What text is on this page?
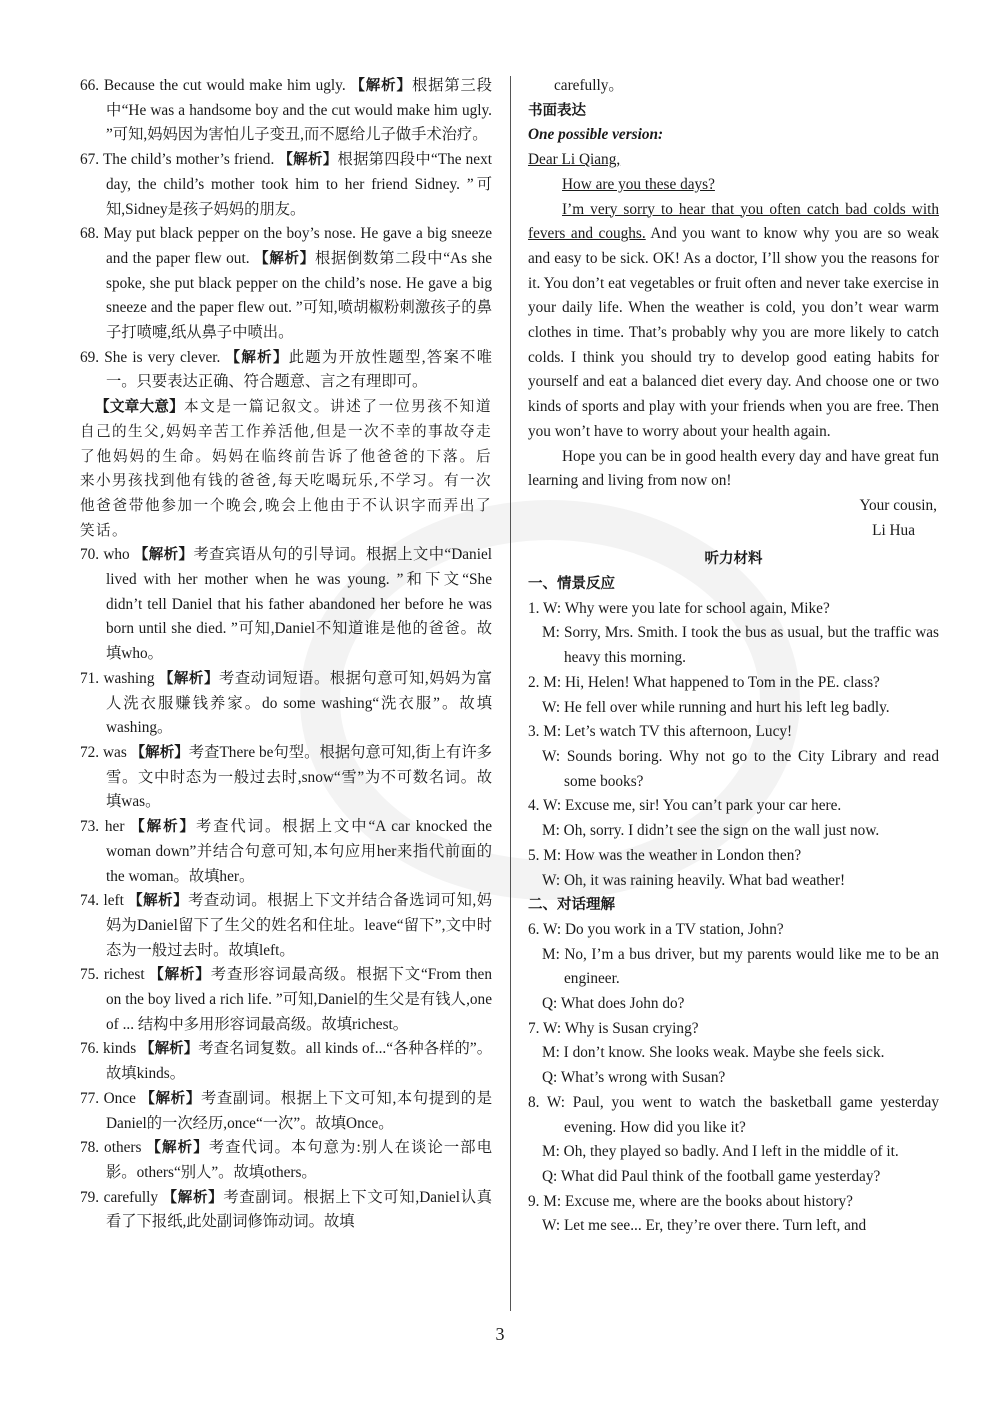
66. Because the cut would make him ugly. 【解析】根据第三段中“He was a handsome boy and the cut would make him ugly. ”可知,妈妈因为害怕儿子变丑,而不愿给儿子做手术治疗。

67. The child’s mother’s friend. 【解析】根据第四段中“The next day, the child’s mother took him to her friend Sidney. ”可知,Sidney是孩子妈妈的朋友。

68. May put black pepper on the boy’s nose. He gave a big sneeze and the paper flew out. 【解析】根据倒数第二段中“As she spoke, she put black pepper on the child’s nose. He gave a big sneeze and the paper flew out. ”可知,喷胡椒粉刺激孩子的鼻子打喷嚏,纸从鼻子中喷出。

69. She is very clever. 【解析】此题为开放性题型,答案不唯一。只要表达正确、符合题意、言之有理即可。

【文章大意】本文是一篇记叙文。讲述了一位男孩不知道自己的生父,妈妈辛苦工作养活他,但是一次不幸的事故夺走了他妈妈的生命。妈妈在临终前告诉了他爸爸的下落。后来小男孩找到他有钱的爸爸,每天吃喝玩乐,不学习。有一次他爸爸带他参加一个晚会,晚会上他由于不认识字而弄出了笑话。

70. who 【解析】考查宾语从句的引导词。根据上文中“Daniel lived with her mother when he was young. ”和下文“She didn’t tell Daniel that his father abandoned her before he was born until she died. ”可知,Daniel不知道谁是他的爸爸。故填who。

71. washing 【解析】考查动词短语。根据句意可知,妈妈为富人洗衣服赚钱养家。do some washing“洗衣服”。故填washing。

72. was 【解析】考查There be句型。根据句意可知,街上有许多雪。文中时态为一般过去时,snow“雪”为不可数名词。故填was。

73. her 【解析】考查代词。根据上文中“A car knocked the woman down”并结合句意可知,本句应用her来指代前面的the woman。故填her。

74. left 【解析】考查动词。根据上下文并结合备选词可知,妈妈为Daniel留下了生父的姓名和住址。leave“留下”,文中时态为一般过去时。故填left。

75. richest 【解析】考查形容词最高级。根据下文“From then on the boy lived a rich life. ”可知,Daniel的生父是有钱人,one of ... 结构中多用形容词最高级。故填richest。

76. kinds 【解析】考查名词复数。all kinds of...“各种各样的”。故填kinds。

77. Once 【解析】考查副词。根据上下文可知,本句提到的是Daniel的一次经历,once“一次”。故填Once。

78. others 【解析】考查代词。本句意为:别人在谈论一部电影。others“别人”。故填others。

79. carefully 【解析】考查副词。根据上下文可知,Daniel认真看了下报纸,此处副词修饰动词。故填

carefully。

书面表达

One possible version:

Dear Li Qiang,

How are you these days?

I’m very sorry to hear that you often catch bad colds with fevers and coughs. And you want to know why you are so weak and easy to be sick. OK! As a doctor, I’ll show you the reasons for it. You don’t eat vegetables or fruit often and never take exercise in your daily life. When the weather is cold, you don’t wear warm clothes in time. That’s probably why you are more likely to catch colds. I think you should try to develop good eating habits for yourself and eat a balanced diet every day. And choose one or two kinds of sports and play with your friends when you are free. Then you won’t have to worry about your health again.

Hope you can be in good health every day and have great fun learning and living from now on!

Your cousin,

Li Hua

听力材料

一、情景反应

1. W: Why were you late for school again, Mike?
M: Sorry, Mrs. Smith. I took the bus as usual, but the traffic was heavy this morning.
2. M: Hi, Helen! What happened to Tom in the PE. class?
W: He fell over while running and hurt his left leg badly.
3. M: Let’s watch TV this afternoon, Lucy!
W: Sounds boring. Why not go to the City Library and read some books?
4. W: Excuse me, sir! You can’t park your car here.
M: Oh, sorry. I didn’t see the sign on the wall just now.
5. M: How was the weather in London then?
W: Oh, it was raining heavily. What bad weather!

二、对话理解

6. W: Do you work in a TV station, John?
M: No, I’m a bus driver, but my parents would like me to be an engineer.
Q: What does John do?
7. W: Why is Susan crying?
M: I don’t know. She looks weak. Maybe she feels sick.
Q: What’s wrong with Susan?
8. W: Paul, you went to watch the basketball game yesterday evening. How did you like it?
M: Oh, they played so badly. And I left in the middle of it.
Q: What did Paul think of the football game yesterday?
9. M: Excuse me, where are the books about history?
W: Let me see... Er, they’re over there. Turn left, and
3
